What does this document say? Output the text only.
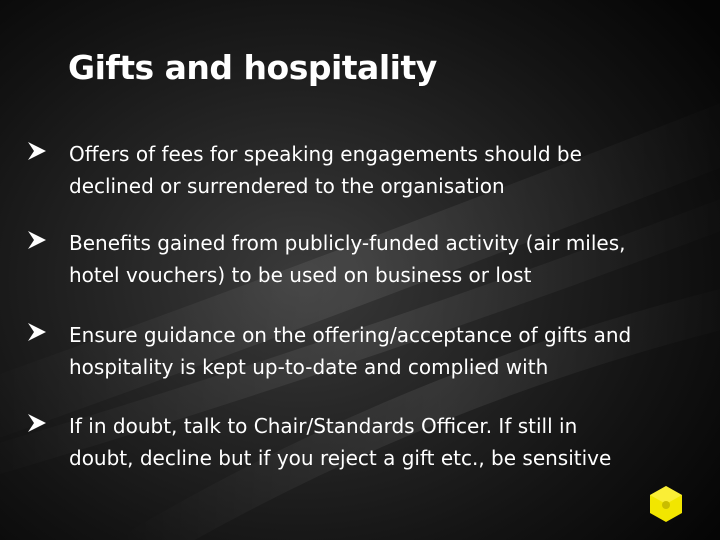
Gifts and hospitality
Offers of fees for speaking engagements should be
declined or surrendered to the organisation
Benefits gained from publicly-funded activity (air miles,
hotel vouchers) to be used on business or lost
Ensure guidance on the offering/acceptance of gifts and
hospitality is kept up-to-date and complied with
If in doubt, talk to Chair/Standards Officer. If still in
doubt, decline but if you reject a gift etc., be sensitive
